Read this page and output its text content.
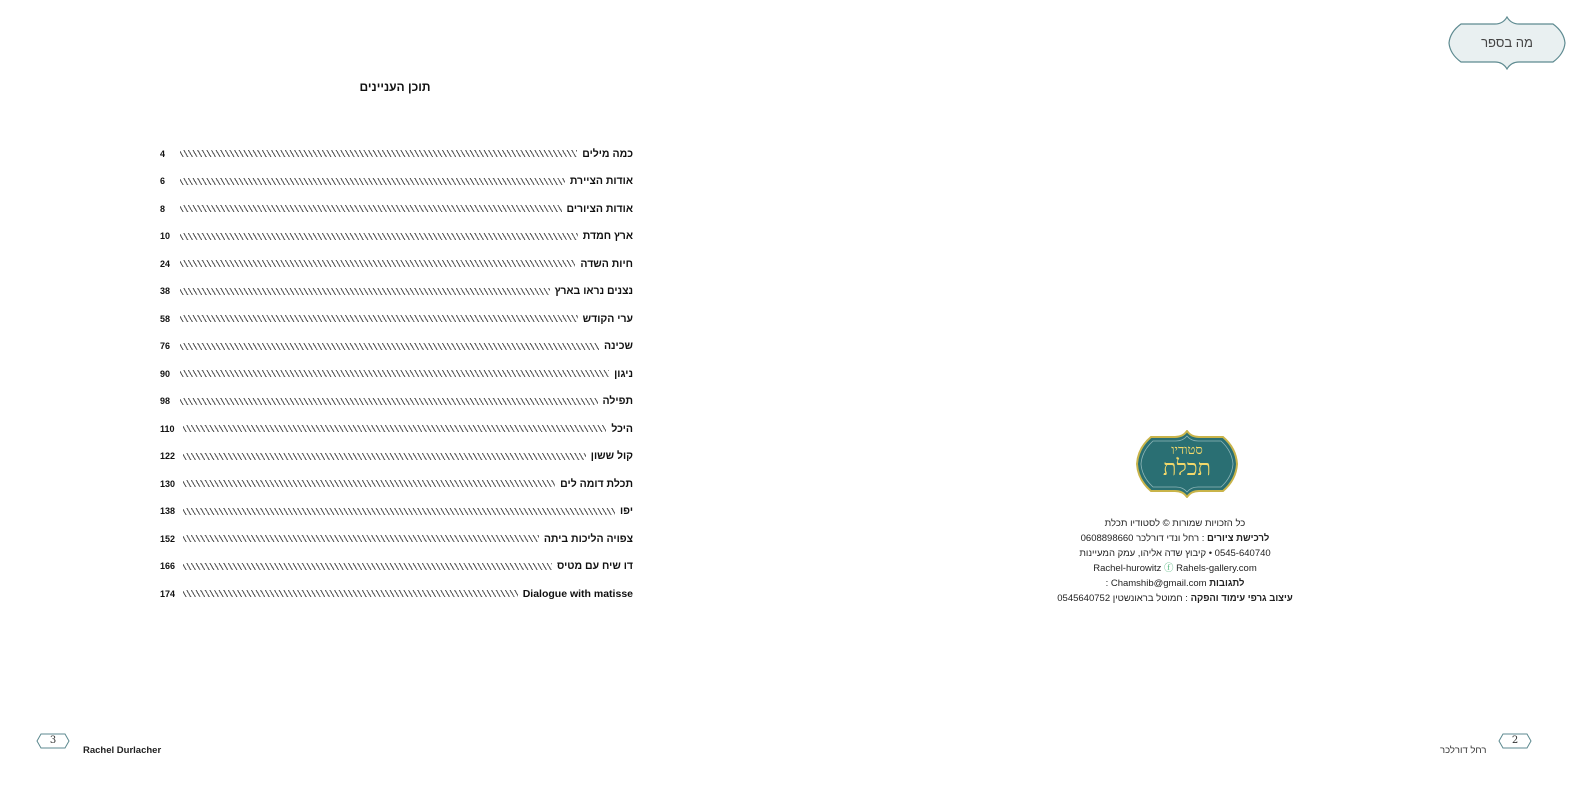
תוכן העניינים
4	כמה מילים
6	אודות הציירת
8	אודות הציורים
10	ארץ חמדת
24	חיות השדה
38	נצנים נראו בארץ
58	ערי הקודש
76	שכינה
90	ניגון
98	תפילה
110	היכל
122	קול ששון
130	תכלת דומה לים
138	יפו
152	צפויה הליכות ביתה
166	דו שיח עם מטיס
174	Dialogue with matisse
מה בספר
סטודיו
תכלת
כל הזכויות שמורות © לסטודיו תכלת
לרכישת ציורים : רחל ונדי דורלכר 0608898660
0545-640740 • קיבוץ שדה אליהו, עמק המעיינות
Rachel-hurowitz ⓕ Rahels-gallery.com
לתגובות Chamshib@gmail.com :
עיצוב גרפי עימוד והפקה : חמוטל בראונשטין 0545640752
3
Rachel Durlacher	רחל דורלכר
2
